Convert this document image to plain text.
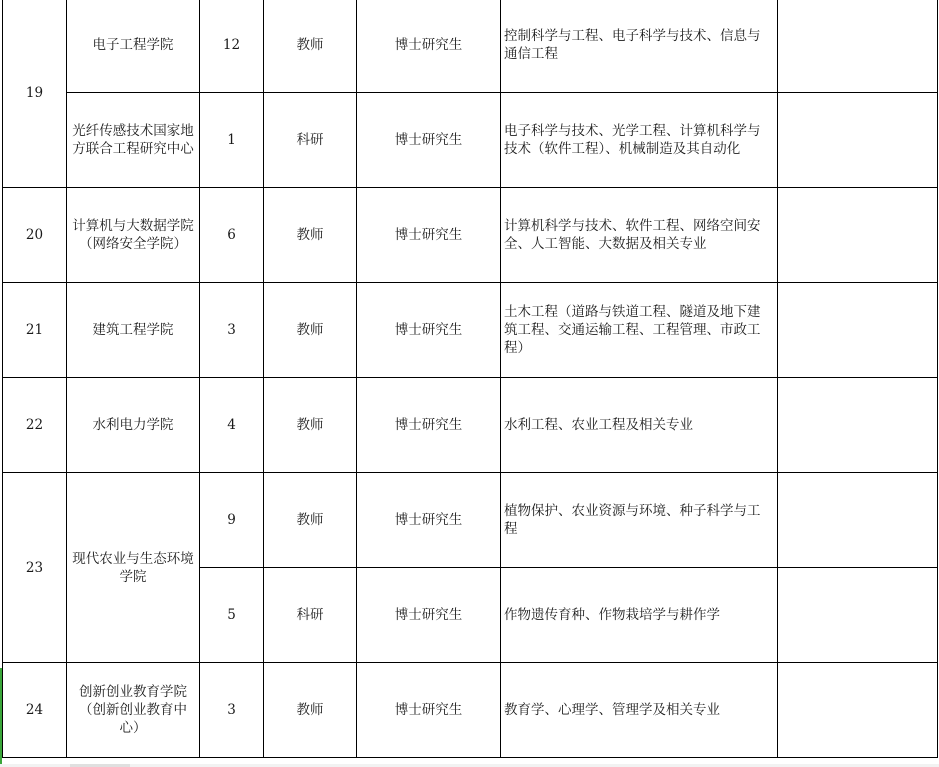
19	电子工程学院	12	教师	博士研究生	控制科学与工程、电子科学与技术、信息与通信工程	
	光纤传感技术国家地方联合工程研究中心	1	科研	博士研究生	电子科学与技术、光学工程、计算机科学与技术（软件工程）、机械制造及其自动化	
20	计算机与大数据学院（网络安全学院）	6	教师	博士研究生	计算机科学与技术、软件工程、网络空间安全、人工智能、大数据及相关专业	
21	建筑工程学院	3	教师	博士研究生	土木工程（道路与铁道工程、隧道及地下建筑工程、交通运输工程、工程管理、市政工程）	
22	水利电力学院	4	教师	博士研究生	水利工程、农业工程及相关专业	
23	现代农业与生态环境学院	9	教师	博士研究生	植物保护、农业资源与环境、种子科学与工程	
		5	科研	博士研究生	作物遗传育种、作物栽培学与耕作学	
24	创新创业教育学院（创新创业教育中心）	3	教师	博士研究生	教育学、心理学、管理学及相关专业	
